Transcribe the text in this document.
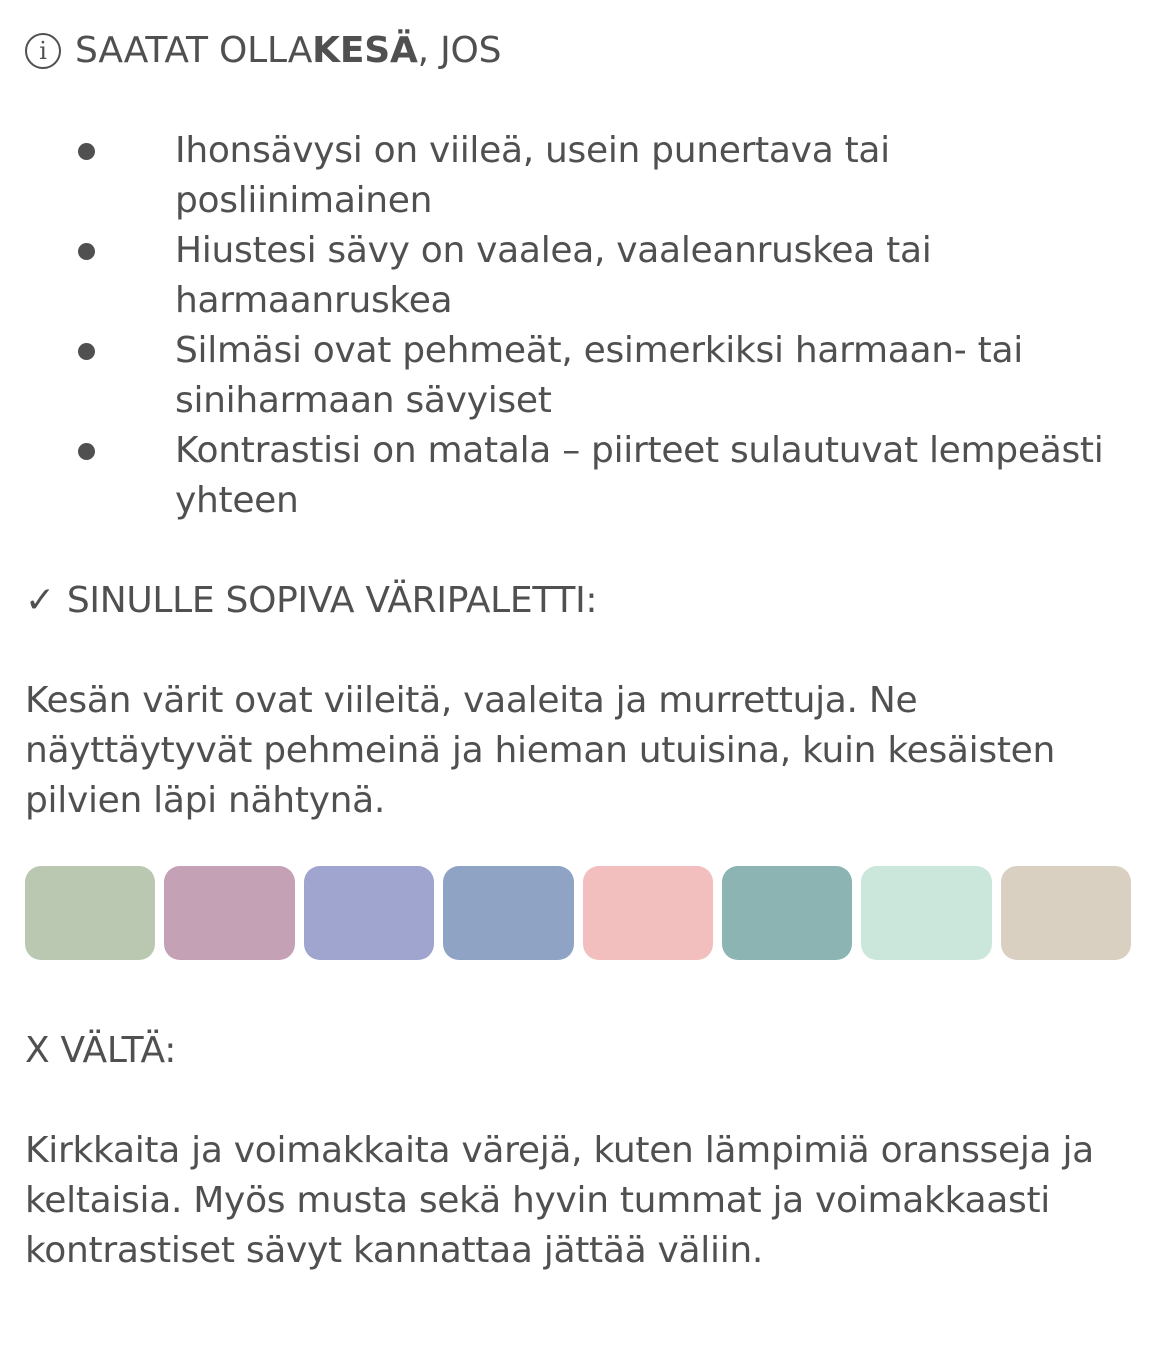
i SAATAT OLLA KESÄ , JOS
Ihonsävysi on viileä, usein punertava tai posliinimainen
Hiustesi sävy on vaalea, vaaleanruskea tai harmaanruskea
Silmäsi ovat pehmeät, esimerkiksi harmaan- tai siniharmaan sävyiset
Kontrastisi on matala – piirteet sulautuvat lempeästi yhteen
✓ SINULLE SOPIVA VÄRIPALETTI:

Kesän värit ovat viileitä, vaaleita ja murrettuja. Ne näyttäytyvät pehmeinä ja hieman utuisina, kuin kesäisten pilvien läpi nähtynä.

X VÄLTÄ:

Kirkkaita ja voimakkaita värejä, kuten lämpimiä oransseja ja keltaisia. Myös musta sekä hyvin tummat ja voimakkaasti kontrastiset sävyt kannattaa jättää väliin.
